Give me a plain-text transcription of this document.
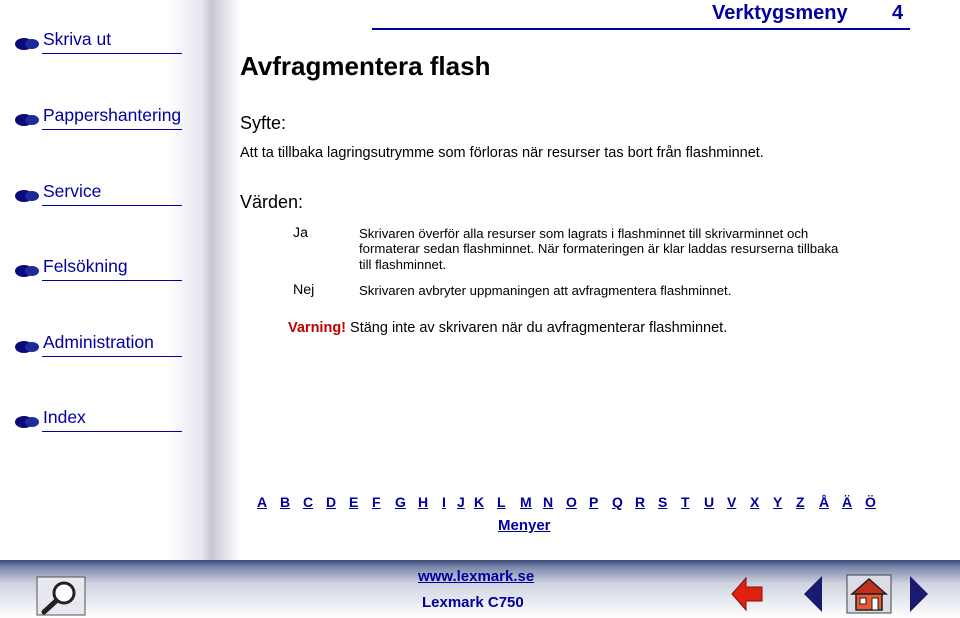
Skriva ut
Pappershantering
Service
Felsökning
Administration
Index
Verktygsmeny 4
Avfragmentera flash
Syfte:
Att ta tillbaka lagringsutrymme som förloras när resurser tas bort från flashminnet.
Värden:
Ja	Skrivaren överför alla resurser som lagrats i flashminnet till skrivarminnet och
formaterar sedan flashminnet. När formateringen är klar laddas resurserna tillbaka
till flashminnet.
Nej	Skrivaren avbryter uppmaningen att avfragmentera flashminnet.
Varning! Stäng inte av skrivaren när du avfragmenterar flashminnet.
A B C D E F G H I J K L M N O P Q R S T U V X Y Z Å Ä Ö
Menyer
www.lexmark.se
Lexmark C750
